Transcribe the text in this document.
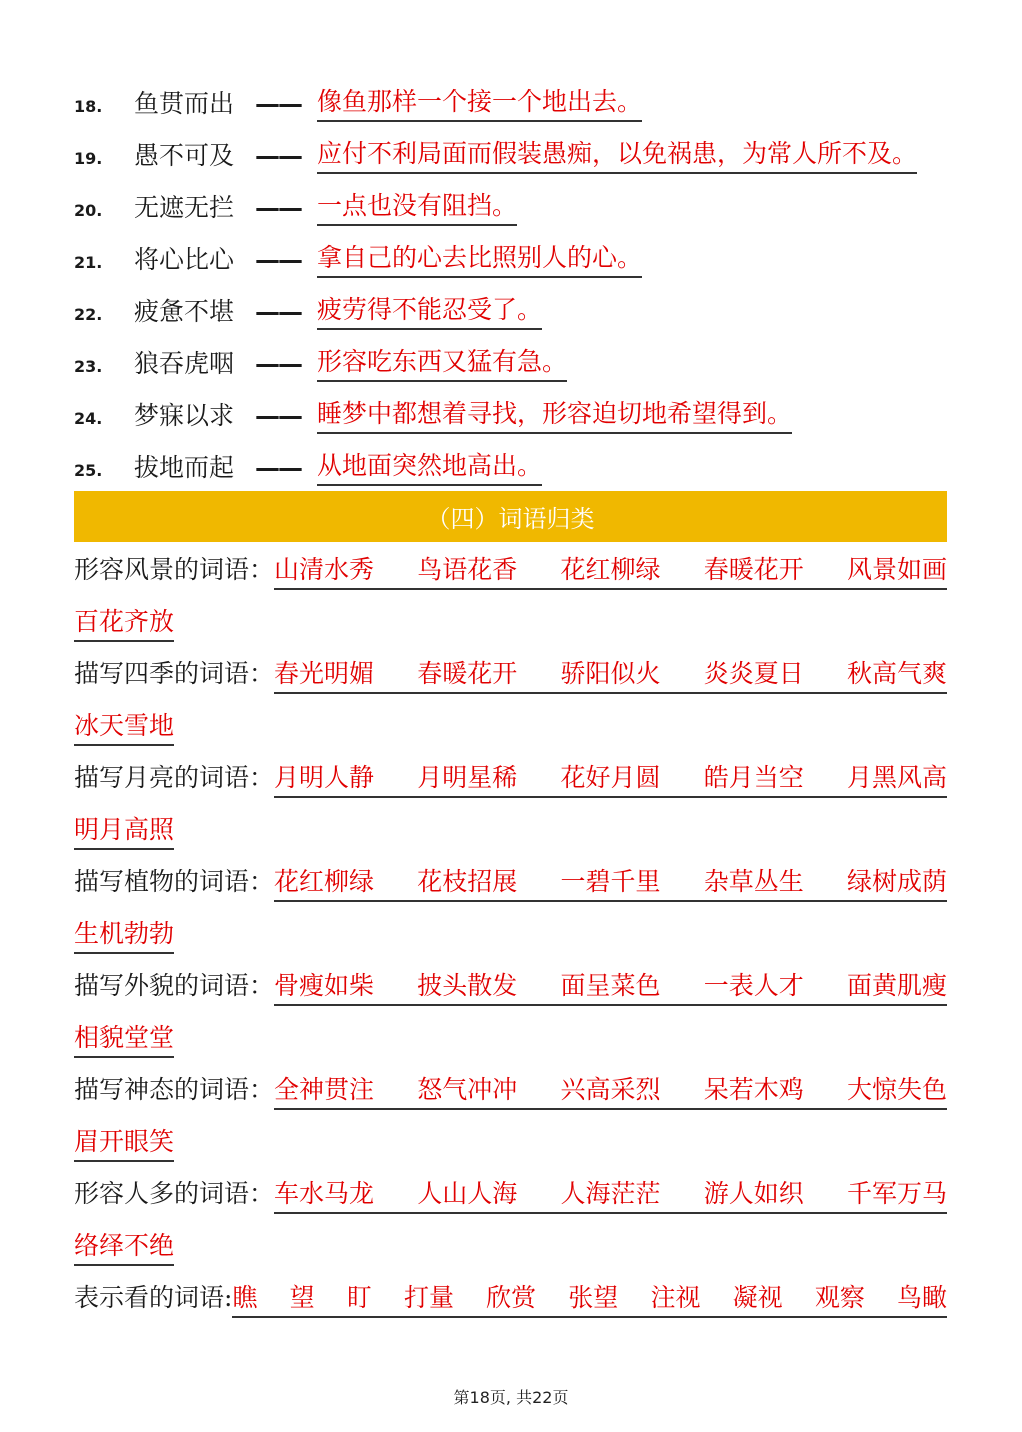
18.	鱼贯而出 —— 像鱼那样一个接一个地出去。
19.	愚不可及 —— 应付不利局面而假装愚痴，以免祸患，为常人所不及。
20.	无遮无拦 —— 一点也没有阻挡。
21.	将心比心 —— 拿自己的心去比照别人的心。
22.	疲惫不堪 —— 疲劳得不能忍受了。
23.	狼吞虎咽 —— 形容吃东西又猛有急。
24.	梦寐以求 —— 睡梦中都想着寻找，形容迫切地希望得到。
25.	拔地而起 —— 从地面突然地高出。
（四）词语归类
形容风景的词语： 山清水秀 鸟语花香 花红柳绿 春暖花开 风景如画
百花齐放
描写四季的词语： 春光明媚 春暖花开 骄阳似火 炎炎夏日 秋高气爽
冰天雪地
描写月亮的词语： 月明人静 月明星稀 花好月圆 皓月当空 月黑风高
明月高照
描写植物的词语： 花红柳绿 花枝招展 一碧千里 杂草丛生 绿树成荫
生机勃勃
描写外貌的词语： 骨瘦如柴 披头散发 面呈菜色 一表人才 面黄肌瘦
相貌堂堂
描写神态的词语： 全神贯注 怒气冲冲 兴高采烈 呆若木鸡 大惊失色
眉开眼笑
形容人多的词语： 车水马龙 人山人海 人海茫茫 游人如织 千军万马
络绎不绝
表示看的词语: 瞧 望 盯 打量 欣赏 张望 注视 凝视 观察 鸟瞰
第18页, 共22页
